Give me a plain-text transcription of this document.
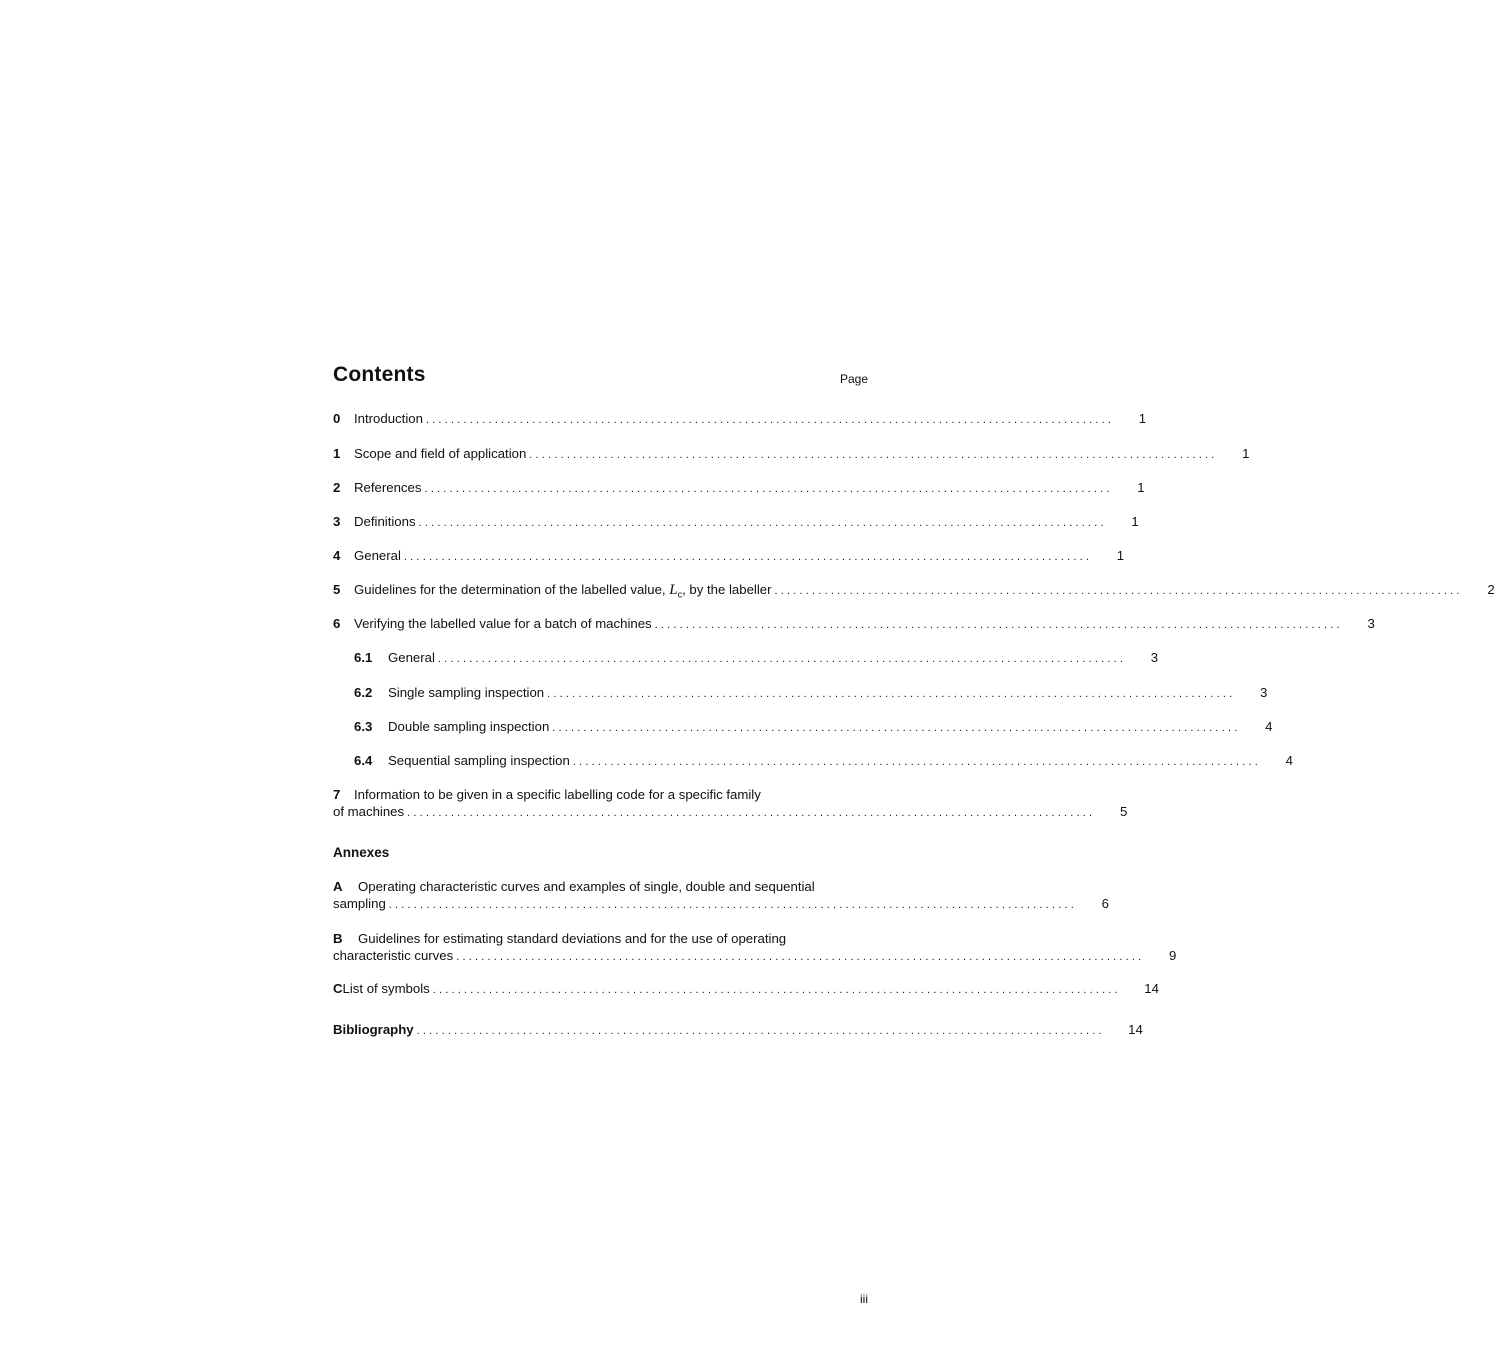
Contents	Page
0	Introduction .............................................................................................................. 1
1	Scope and field of application .............................................................................................................. 1
2	References .............................................................................................................. 1
3	Definitions .............................................................................................................. 1
4	General .............................................................................................................. 1
5	Guidelines for the determination of the labelled value, $L_c$, by the labeller .............................................................................................................. 2
6	Verifying the labelled value for a batch of machines .............................................................................................................. 3
6.1	General .............................................................................................................. 3
6.2	Single sampling inspection .............................................................................................................. 3
6.3	Double sampling inspection .............................................................................................................. 4
6.4	Sequential sampling inspection .............................................................................................................. 4
7 Information to be given in a specific labelling code for a specific family
of machines .............................................................................................................. 5
Annexes
A Operating characteristic curves and examples of single, double and sequential
sampling .............................................................................................................. 6
B Guidelines for estimating standard deviations and for the use of operating
characteristic curves .............................................................................................................. 9
C List of symbols .............................................................................................................. 14
Bibliography .............................................................................................................. 14
iii
